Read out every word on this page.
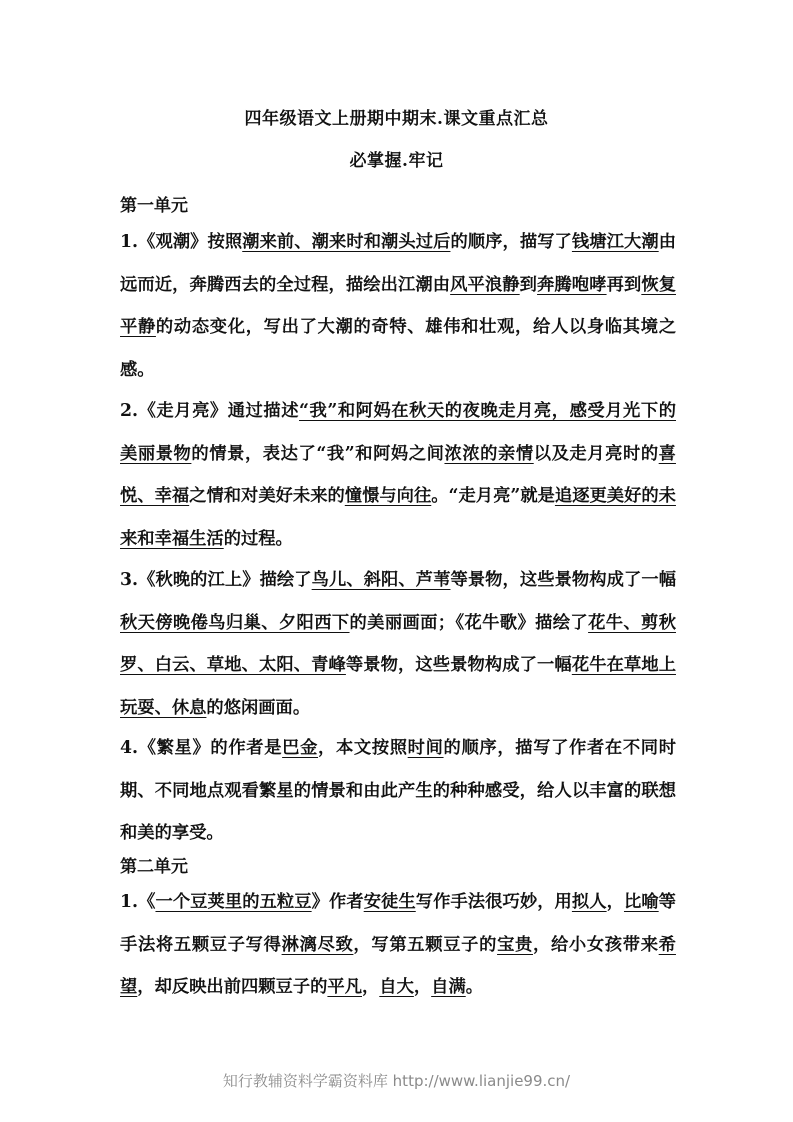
四年级语文上册期中期末.课文重点汇总
必掌握.牢记
第一单元
1.《观潮》按照潮来前、潮来时和潮头过后的顺序，描写了钱塘江大潮由远而近，奔腾西去的全过程，描绘出江潮由风平浪静到奔腾咆哮再到恢复平静的动态变化，写出了大潮的奇特、雄伟和壮观，给人以身临其境之感。
2.《走月亮》通过描述“我”和阿妈在秋天的夜晚走月亮，感受月光下的美丽景物的情景，表达了“我”和阿妈之间浓浓的亲情以及走月亮时的喜悦、幸福之情和对美好未来的憧憬与向往。“走月亮”就是追逐更美好的未来和幸福生活的过程。
3.《秋晚的江上》描绘了鸟儿、斜阳、芦苇等景物，这些景物构成了一幅秋天傍晚倦鸟归巢、夕阳西下的美丽画面；《花牛歌》描绘了花牛、剪秋罗、白云、草地、太阳、青峰等景物，这些景物构成了一幅花牛在草地上玩耍、休息的悠闲画面。
4.《繁星》的作者是巴金，本文按照时间的顺序，描写了作者在不同时期、不同地点观看繁星的情景和由此产生的种种感受，给人以丰富的联想和美的享受。
第二单元
1.《一个豆荚里的五粒豆》作者安徒生写作手法很巧妙，用拟人，比喻等手法将五颗豆子写得淋漓尽致，写第五颗豆子的宝贵，给小女孩带来希望，却反映出前四颗豆子的平凡，自大，自满。
知行教辅资料学霸资料库 http://www.lianjie99.cn/
